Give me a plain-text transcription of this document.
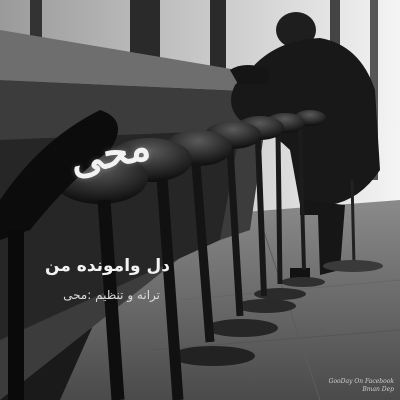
محی
دل وامونده من
ترانه و تنظیم :محی
GooDay On Facebook
Bman Dep
